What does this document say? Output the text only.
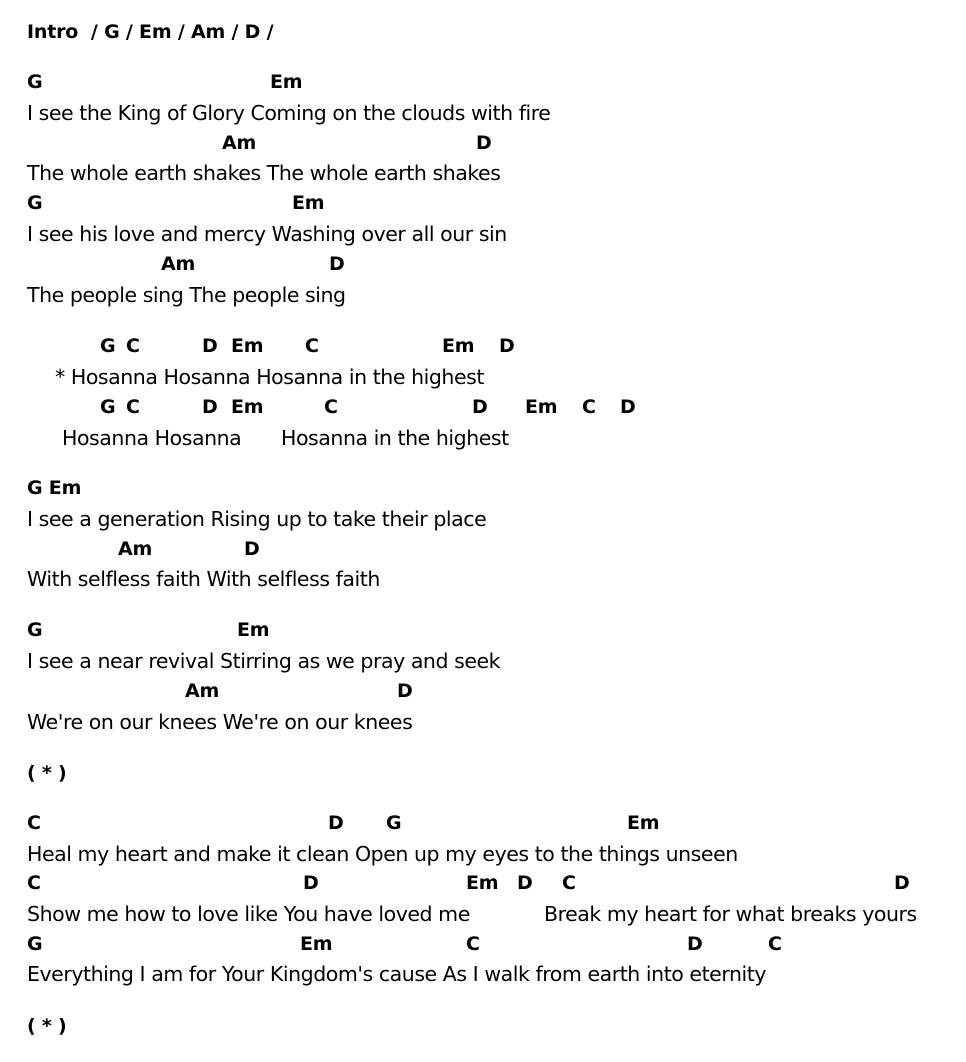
Intro  / G / Em / Am / D /
G	Em
I see the King of Glory Coming on the clouds with fire
Am	D
The whole earth shakes The whole earth shakes
G	Em
I see his love and mercy Washing over all our sin
Am	D
The people sing The people sing
G C	D Em C	Em D
* Hosanna Hosanna Hosanna in the highest
G C	D Em	C	D Em C D
Hosanna Hosanna Hosanna in the highest
G Em
I see a generation Rising up to take their place
Am	D
With selfless faith With selfless faith
G	Em
I see a near revival Stirring as we pray and seek
Am	D
We're on our knees We're on our knees
( * )
C	D G	Em
Heal my heart and make it clean Open up my eyes to the things unseen
C	D	Em D C	D
Show me how to love like You have loved me	Break my heart for what breaks yours
G	Em	C	D	C
Everything I am for Your Kingdom's cause As I walk from earth into eternity
( * )
